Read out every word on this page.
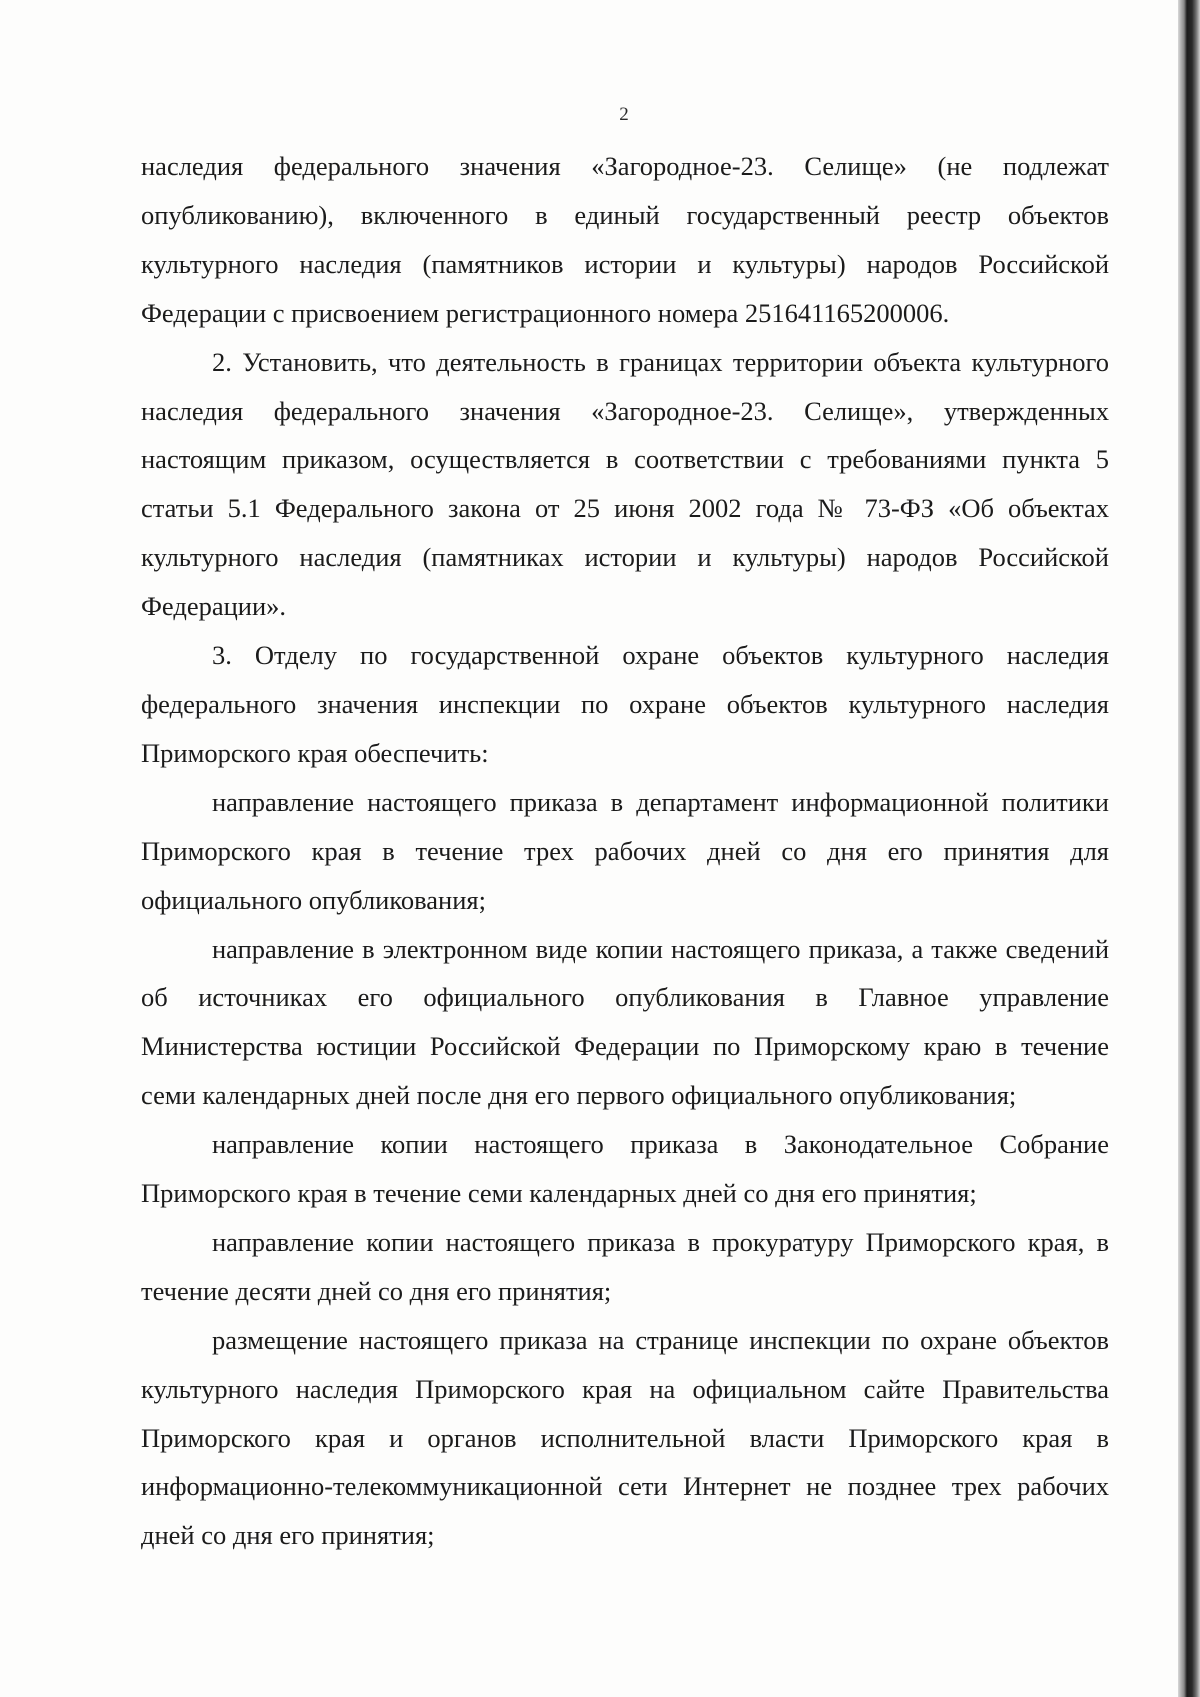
2

наследия федерального значения «Загородное-23. Селище» (не подлежат опубликованию), включенного в единый государственный реестр объектов культурного наследия (памятников истории и культуры) народов Российской Федерации с присвоением регистрационного номера 251641165200006.

2. Установить, что деятельность в границах территории объекта культурного наследия федерального значения «Загородное-23. Селище», утвержденных настоящим приказом, осуществляется в соответствии с требованиями пункта 5 статьи 5.1 Федерального закона от 25 июня 2002 года № 73-ФЗ «Об объектах культурного наследия (памятниках истории и культуры) народов Российской Федерации».

3. Отделу по государственной охране объектов культурного наследия федерального значения инспекции по охране объектов культурного наследия Приморского края обеспечить:

направление настоящего приказа в департамент информационной политики Приморского края в течение трех рабочих дней со дня его принятия для официального опубликования;

направление в электронном виде копии настоящего приказа, а также сведений об источниках его официального опубликования в Главное управление Министерства юстиции Российской Федерации по Приморскому краю в течение семи календарных дней после дня его первого официального опубликования;

направление копии настоящего приказа в Законодательное Собрание Приморского края в течение семи календарных дней со дня его принятия;

направление копии настоящего приказа в прокуратуру Приморского края, в течение десяти дней со дня его принятия;

размещение настоящего приказа на странице инспекции по охране объектов культурного наследия Приморского края на официальном сайте Правительства Приморского края и органов исполнительной власти Приморского края в информационно-телекоммуникационной сети Интернет не позднее трех рабочих дней со дня его принятия;
